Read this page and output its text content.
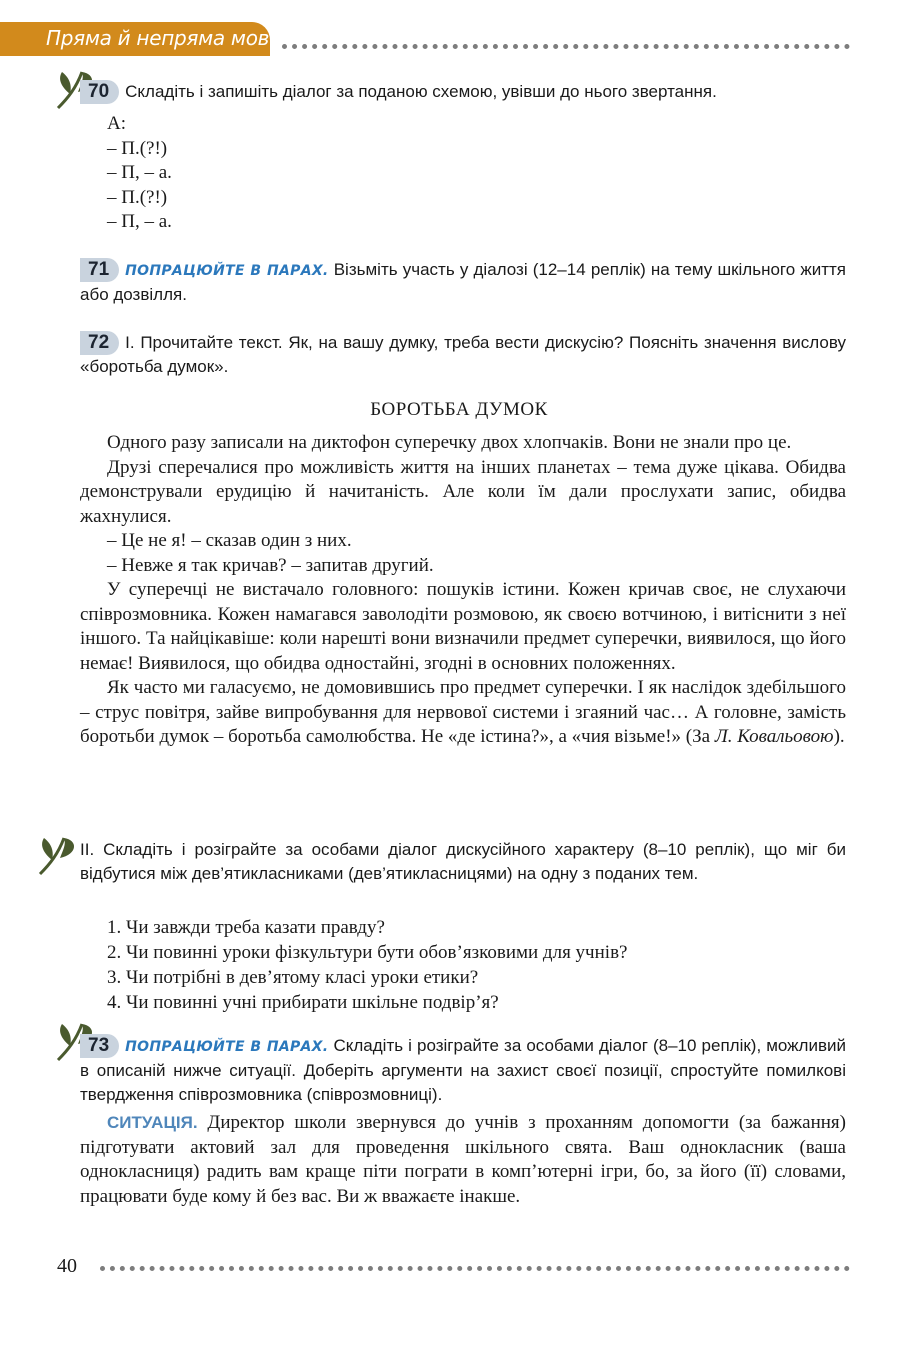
Пряма й непряма мова
70 Складіть і запишіть діалог за поданою схемою, увівши до нього звертання.
А:
– П.(?!)
– П, – а.
– П.(?!)
– П, – а.
71 ПОПРАЦЮЙТЕ В ПАРАХ. Візьміть участь у діалозі (12–14 реплік) на тему шкільного життя або дозвілля.
72 І. Прочитайте текст. Як, на вашу думку, треба вести дискусію? Поясніть значення вислову «боротьба думок».
БОРОТЬБА ДУМОК

Одного разу записали на диктофон суперечку двох хлопчаків. Вони не знали про це.

Друзі сперечалися про можливість життя на інших планетах – тема дуже цікава. Обидва демонстрували ерудицію й начитаність. Але коли їм дали прослухати запис, обидва жахнулися.

– Це не я! – сказав один з них.

– Невже я так кричав? – запитав другий.

У суперечці не вистачало головного: пошуків істини. Кожен кричав своє, не слухаючи співрозмовника. Кожен намагався заволодіти розмовою, як своєю вотчиною, і витіснити з неї іншого. Та найцікавіше: коли нарешті вони визначили предмет суперечки, виявилося, що його немає! Виявилося, що обидва одностайні, згодні в основних положеннях.

Як часто ми галасуємо, не домовившись про предмет суперечки. І як наслідок здебільшого – струс повітря, зайве випробування для нервової системи і згаяний час… А головне, замість боротьби думок – боротьба самолюбства. Не «де істина?», а «чия візьме!» (За Л. Ковальовою).

ІІ. Складіть і розіграйте за особами діалог дискусійного характеру (8–10 реплік), що міг би відбутися між дев’ятикласниками (дев’ятикласницями) на одну з поданих тем.
1. Чи завжди треба казати правду?
2. Чи повинні уроки фізкультури бути обов’язковими для учнів?
3. Чи потрібні в дев’ятому класі уроки етики?
4. Чи повинні учні прибирати шкільне подвір’я?
73 ПОПРАЦЮЙТЕ В ПАРАХ. Складіть і розіграйте за особами діалог (8–10 реплік), можливий в описаній нижче ситуації. Доберіть аргументи на захист своєї позиції, спростуйте помилкові твердження співрозмовника (співрозмовниці).

СИТУАЦІЯ. Директор школи звернувся до учнів з проханням допомогти (за бажання) підготувати актовий зал для проведення шкільного свята. Ваш однокласник (ваша однокласниця) радить вам краще піти пограти в комп’ютерні ігри, бо, за його (її) словами, працювати буде кому й без вас. Ви ж вважаєте інакше.

40
